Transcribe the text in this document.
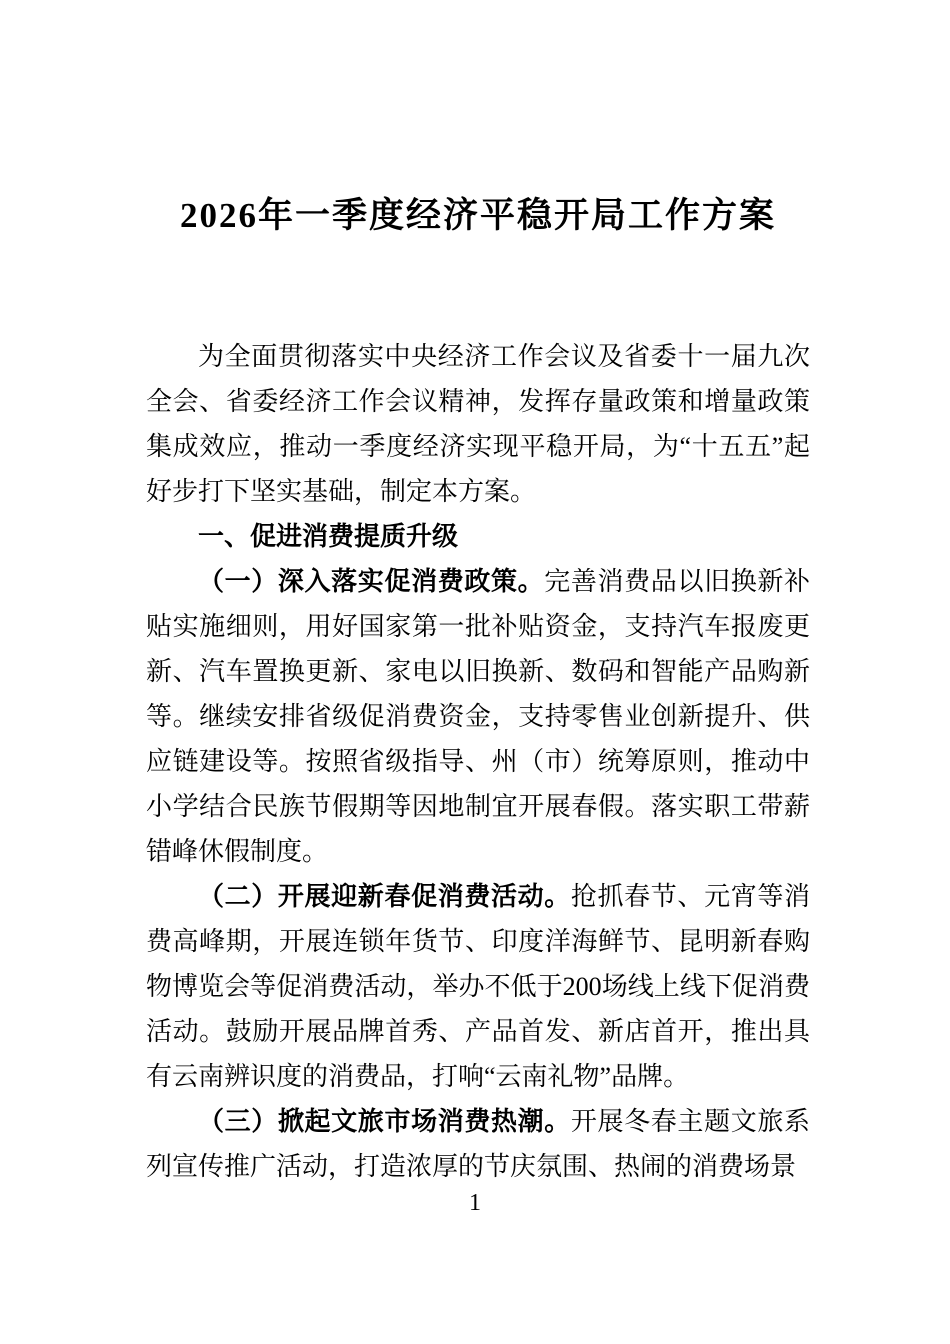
2026年一季度经济平稳开局工作方案

为全面贯彻落实中央经济工作会议及省委十一届九次全会、省委经济工作会议精神，发挥存量政策和增量政策集成效应，推动一季度经济实现平稳开局，为“十五五”起好步打下坚实基础，制定本方案。

一、促进消费提质升级

（一）深入落实促消费政策。完善消费品以旧换新补贴实施细则，用好国家第一批补贴资金，支持汽车报废更新、汽车置换更新、家电以旧换新、数码和智能产品购新等。继续安排省级促消费资金，支持零售业创新提升、供应链建设等。按照省级指导、州（市）统筹原则，推动中小学结合民族节假期等因地制宜开展春假。落实职工带薪错峰休假制度。

（二）开展迎新春促消费活动。抢抓春节、元宵等消费高峰期，开展连锁年货节、印度洋海鲜节、昆明新春购物博览会等促消费活动，举办不低于200场线上线下促消费活动。鼓励开展品牌首秀、产品首发、新店首开，推出具有云南辨识度的消费品，打响“云南礼物”品牌。

（三）掀起文旅市场消费热潮。开展冬春主题文旅系列宣传推广活动，打造浓厚的节庆氛围、热闹的消费场景

1
